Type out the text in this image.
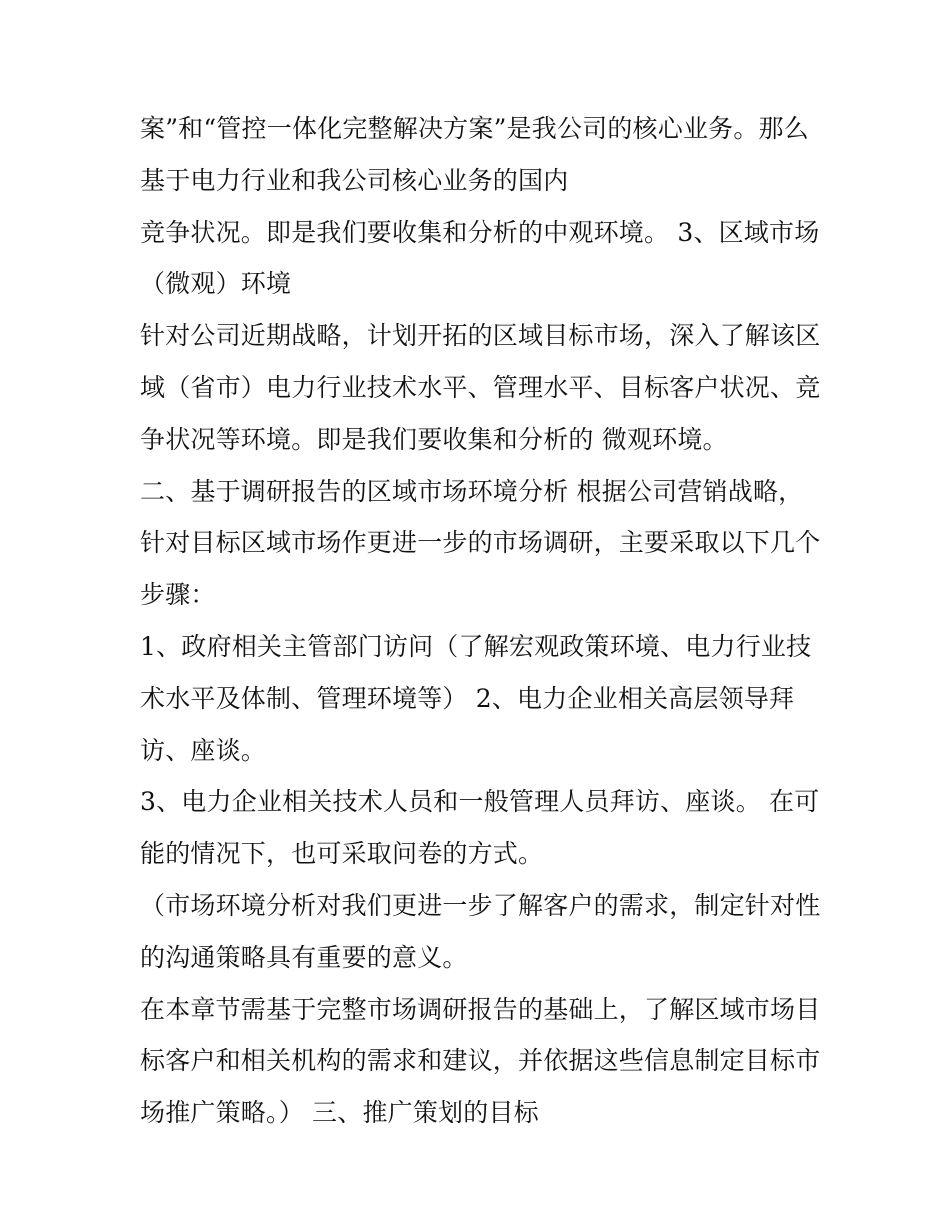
案”和“管控一体化完整解决方案”是我公司的核心业务。那么
基于电力行业和我公司核心业务的国内
竞争状况。即是我们要收集和分析的中观环境。 3、区域市场
（微观）环境
针对公司近期战略，计划开拓的区域目标市场，深入了解该区
域（省市）电力行业技术水平、管理水平、目标客户状况、竞
争状况等环境。即是我们要收集和分析的 微观环境。
二、基于调研报告的区域市场环境分析 根据公司营销战略，
针对目标区域市场作更进一步的市场调研，主要采取以下几个
步骤：
1、政府相关主管部门访问（了解宏观政策环境、电力行业技
术水平及体制、管理环境等） 2、电力企业相关高层领导拜
访、座谈。
3、电力企业相关技术人员和一般管理人员拜访、座谈。 在可
能的情况下，也可采取问卷的方式。
（市场环境分析对我们更进一步了解客户的需求，制定针对性
的沟通策略具有重要的意义。
在本章节需基于完整市场调研报告的基础上，了解区域市场目
标客户和相关机构的需求和建议，并依据这些信息制定目标市
场推广策略。） 三、推广策划的目标
